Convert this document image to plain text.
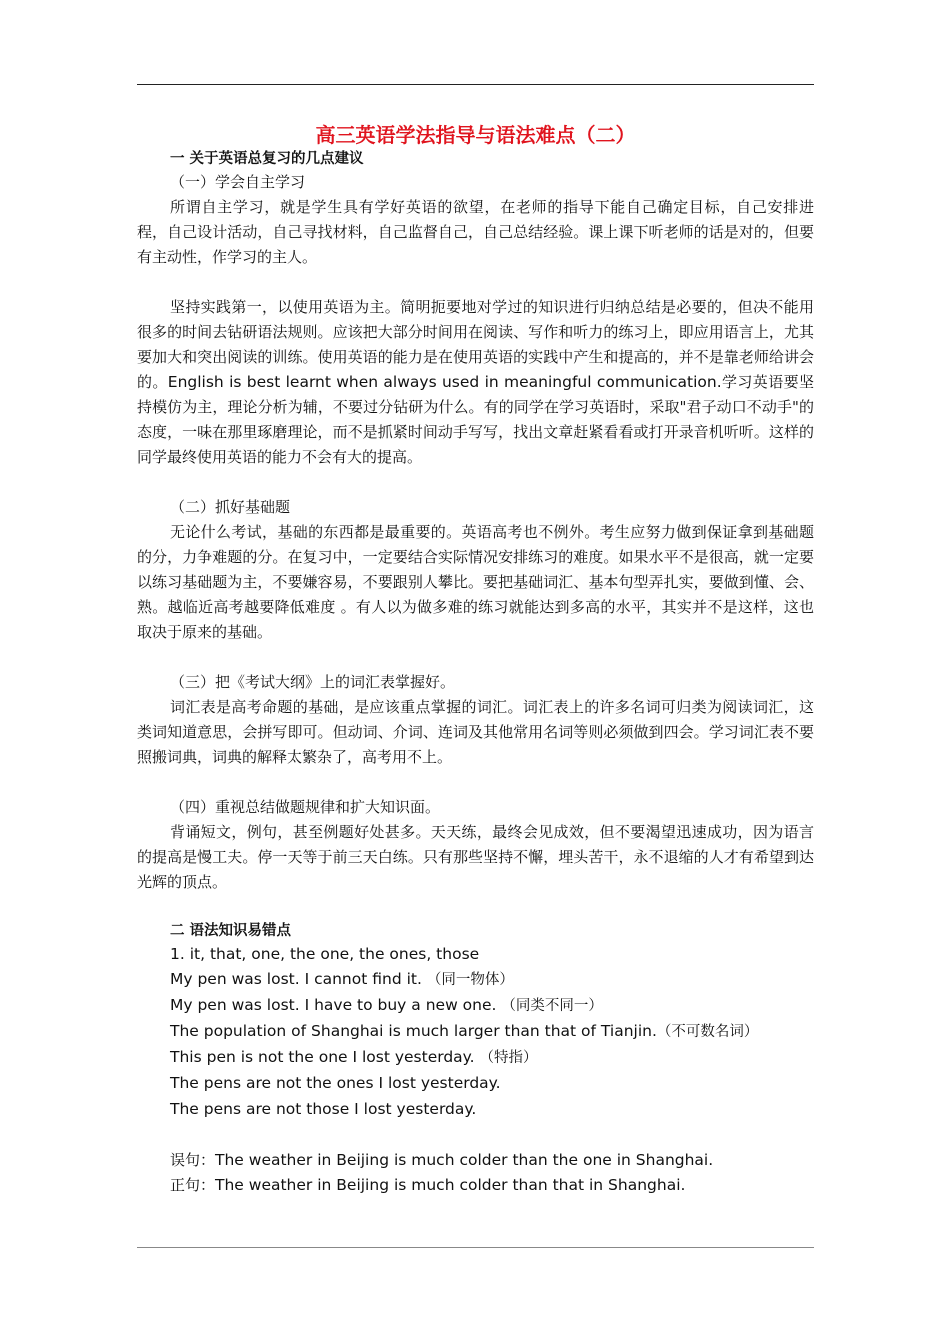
高三英语学法指导与语法难点（二）

一 关于英语总复习的几点建议

（一）学会自主学习

所谓自主学习，就是学生具有学好英语的欲望，在老师的指导下能自己确定目标，自己安排进程，自己设计活动，自己寻找材料，自己监督自己，自己总结经验。课上课下听老师的话是对的，但要有主动性，作学习的主人。

坚持实践第一，以使用英语为主。简明扼要地对学过的知识进行归纳总结是必要的，但决不能用很多的时间去钻研语法规则。应该把大部分时间用在阅读、写作和听力的练习上，即应用语言上，尤其要加大和突出阅读的训练。使用英语的能力是在使用英语的实践中产生和提高的，并不是靠老师给讲会的。English is best learnt when always used in meaningful communication.学习英语要坚持模仿为主，理论分析为辅，不要过分钻研为什么。有的同学在学习英语时，采取"君子动口不动手"的态度，一味在那里琢磨理论，而不是抓紧时间动手写写，找出文章赶紧看看或打开录音机听听。这样的同学最终使用英语的能力不会有大的提高。

（二）抓好基础题

无论什么考试，基础的东西都是最重要的。英语高考也不例外。考生应努力做到保证拿到基础题的分，力争难题的分。在复习中，一定要结合实际情况安排练习的难度。如果水平不是很高，就一定要以练习基础题为主，不要嫌容易，不要跟别人攀比。要把基础词汇、基本句型弄扎实，要做到懂、会、熟。越临近高考越要降低难度 。有人以为做多难的练习就能达到多高的水平，其实并不是这样，这也取决于原来的基础。

（三）把《考试大纲》上的词汇表掌握好。

词汇表是高考命题的基础，是应该重点掌握的词汇。词汇表上的许多名词可归类为阅读词汇，这类词知道意思，会拼写即可。但动词、介词、连词及其他常用名词等则必须做到四会。学习词汇表不要照搬词典，词典的解释太繁杂了，高考用不上。

（四）重视总结做题规律和扩大知识面。

背诵短文，例句，甚至例题好处甚多。天天练，最终会见成效，但不要渴望迅速成功，因为语言的提高是慢工夫。停一天等于前三天白练。只有那些坚持不懈，埋头苦干，永不退缩的人才有希望到达光辉的顶点。

二 语法知识易错点

1. it, that, one, the one, the ones, those

My pen was lost. I cannot find it. （同一物体）

My pen was lost. I have to buy a new one. （同类不同一）

The population of Shanghai is much larger than that of Tianjin.（不可数名词）

This pen is not the one I lost yesterday. （特指）

The pens are not the ones I lost yesterday.

The pens are not those I lost yesterday.

误句：The weather in Beijing is much colder than the one in Shanghai.

正句：The weather in Beijing is much colder than that in Shanghai.
